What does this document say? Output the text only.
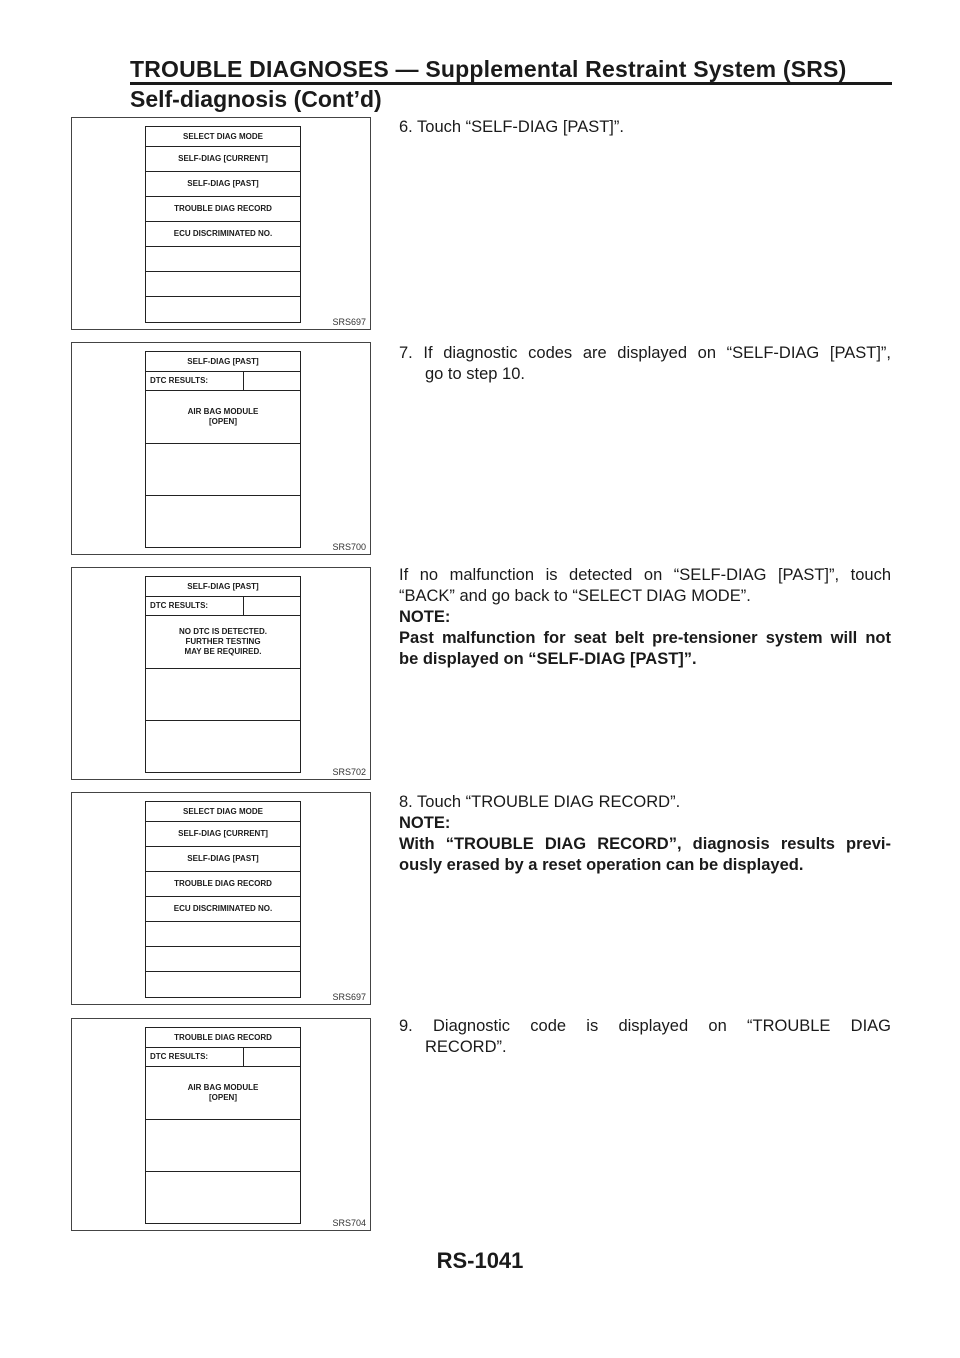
TROUBLE DIAGNOSES — Supplemental Restraint System (SRS)
Self-diagnosis (Cont’d)
SELECT DIAG MODE
SELF-DIAG [CURRENT]
SELF-DIAG [PAST]
TROUBLE DIAG RECORD
ECU DISCRIMINATED NO.
SRS697
SELF-DIAG [PAST]
DTC RESULTS:
AIR BAG MODULE
[OPEN]
SRS700
SELF-DIAG [PAST]
DTC RESULTS:
NO DTC IS DETECTED.
FURTHER TESTING
MAY BE REQUIRED.
SRS702
SELECT DIAG MODE
SELF-DIAG [CURRENT]
SELF-DIAG [PAST]
TROUBLE DIAG RECORD
ECU DISCRIMINATED NO.
SRS697
TROUBLE DIAG RECORD
DTC RESULTS:
AIR BAG MODULE
[OPEN]
SRS704

6. Touch “SELF-DIAG [PAST]”.

7. If diagnostic codes are displayed on “SELF-DIAG [PAST]”,

go to step 10.

If no malfunction is detected on “SELF-DIAG [PAST]”, touch

“BACK” and go back to “SELECT DIAG MODE”.

NOTE:

Past malfunction for seat belt pre-tensioner system will not

be displayed on “SELF-DIAG [PAST]”.

8. Touch “TROUBLE DIAG RECORD”.

NOTE:

With “TROUBLE DIAG RECORD”, diagnosis results previ-

ously erased by a reset operation can be displayed.

9. Diagnostic code is displayed on “TROUBLE DIAG

RECORD”.

RS-1041
